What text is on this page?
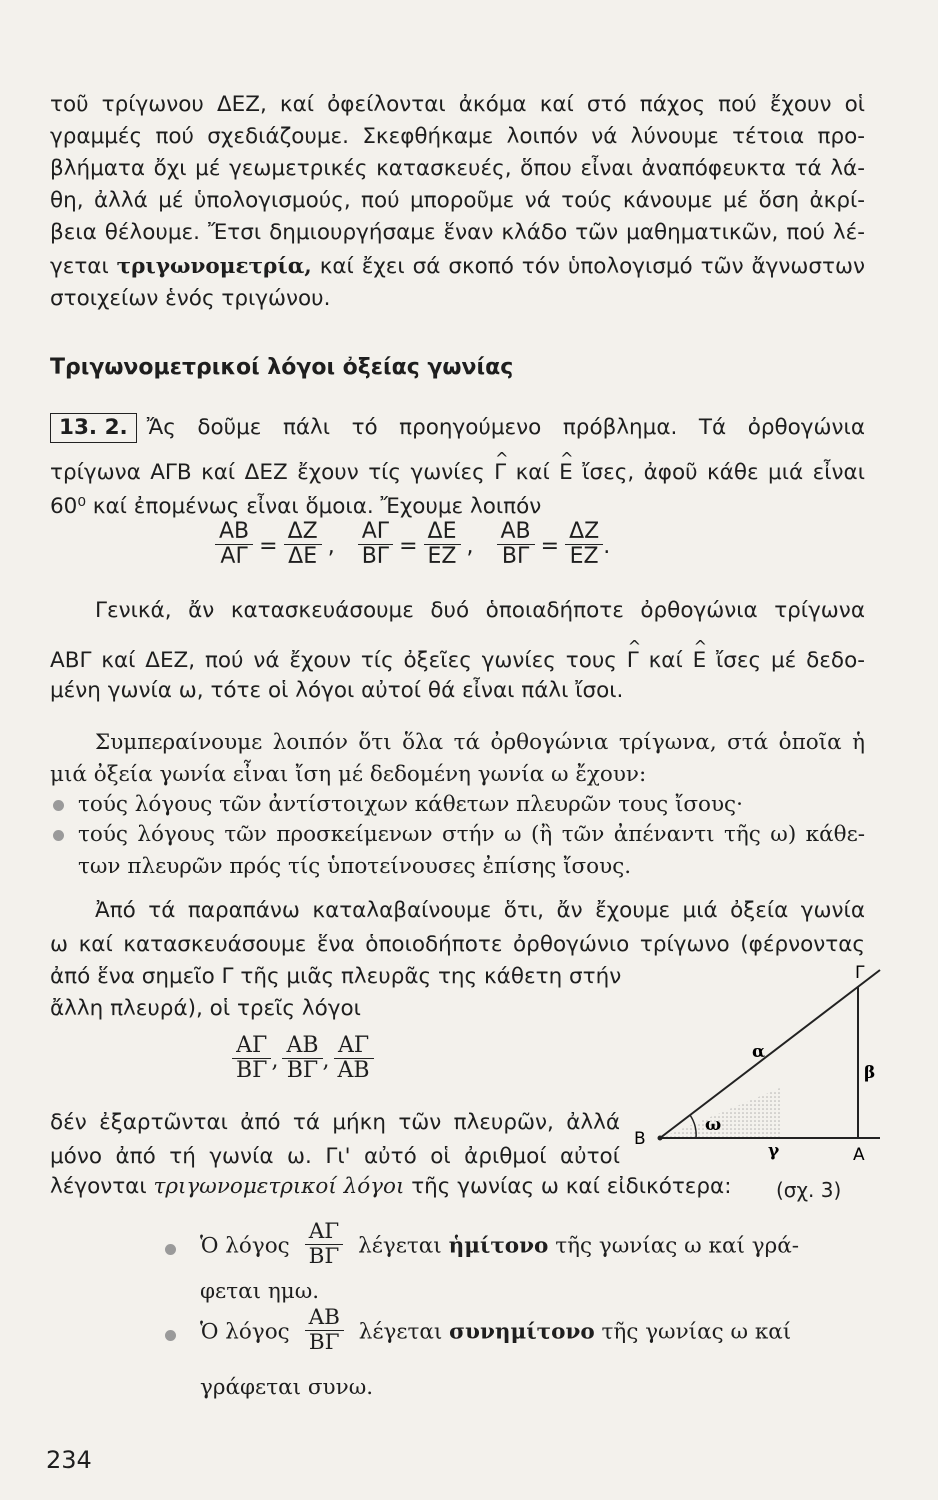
τοῦ τρίγωνου ΔΕΖ, καί ὀφείλονται ἀκόμα καί στό πάχος πού ἔχουν οἱ
γραμμές πού σχεδιάζουμε. Σκεφθήκαμε λοιπόν νά λύνουμε τέτοια προ-
βλήματα ὄχι μέ γεωμετρικές κατασκευές, ὅπου εἶναι ἀναπόφευκτα τά λά-
θη, ἀλλά μέ ὑπολογισμούς, πού μποροῦμε νά τούς κάνουμε μέ ὅση ἀκρί-
βεια θέλουμε. Ἔτσι δημιουργήσαμε ἕναν κλάδο τῶν μαθηματικῶν, πού λέ-
γεται τριγωνομετρία, καί ἔχει σά σκοπό τόν ὑπολογισμό τῶν ἄγνωστων
στοιχείων ἑνός τριγώνου.
Τριγωνομετρικοί λόγοι ὀξείας γωνίας
13. 2. Ἄς δοῦμε πάλι τό προηγούμενο πρόβλημα. Τά ὀρθογώνια
τρίγωνα ΑΓΒ καί ΔΕΖ ἔχουν τίς γωνίες ^ Γ καί ^ Ε ἴσες, ἀφοῦ κάθε μιά εἶναι
60⁰ καί ἐπομένως εἶναι ὅμοια. Ἔχουμε λοιπόν
$\frac{AB}{A\Gamma} = \frac{\Delta Z}{\Delta E}$ , $\frac{A\Gamma}{B\Gamma} = \frac{\Delta E}{EZ}$ , $\frac{AB}{B\Gamma} = \frac{\Delta Z}{EZ}$ .
Γενικά, ἄν κατασκευάσουμε δυό ὁποιαδήποτε ὀρθογώνια τρίγωνα
ΑΒΓ καί ΔΕΖ, πού νά ἔχουν τίς ὀξεῖες γωνίες τους ^ Γ καί ^ Ε ἴσες μέ δεδο-
μένη γωνία ω, τότε οἱ λόγοι αὐτοί θά εἶναι πάλι ἴσοι.
Συμπεραίνουμε λοιπόν ὅτι ὅλα τά ὀρθογώνια τρίγωνα, στά ὁποῖα ἡ
μιά ὀξεία γωνία εἶναι ἴση μέ δεδομένη γωνία ω ἔχουν:
τούς λόγους τῶν ἀντίστοιχων κάθετων πλευρῶν τους ἴσους·
τούς λόγους τῶν προσκείμενων στήν ω (ἢ τῶν ἀπέναντι τῆς ω) κάθε-
των πλευρῶν πρός τίς ὑποτείνουσες ἐπίσης ἴσους.
Ἀπό τά παραπάνω καταλαβαίνουμε ὅτι, ἄν ἔχουμε μιά ὀξεία γωνία
ω καί κατασκευάσουμε ἕνα ὁποιοδήποτε ὀρθογώνιο τρίγωνο (φέρνοντας
ἀπό ἕνα σημεῖο Γ τῆς μιᾶς πλευρᾶς της κάθετη στήν
ἄλλη πλευρά), οἱ τρεῖς λόγοι
$\frac{A\Gamma}{B\Gamma}$ , $\frac{AB}{B\Gamma}$ , $\frac{A\Gamma}{AB}$
δέν ἐξαρτῶνται ἀπό τά μήκη τῶν πλευρῶν, ἀλλά
μόνο ἀπό τή γωνία ω. Γι' αὐτό οἱ ἀριθμοί αὐτοί
λέγονται τριγωνομετρικοί λόγοι τῆς γωνίας ω καί εἰδικότερα:
Β
Α
Γ
α
β
γ
ω
(σχ. 3)
Ὁ λόγος $\frac{A\Gamma}{B\Gamma}$ λέγεται ἡμίτονο τῆς γωνίας ω καί γρά-
φεται ημω.
Ὁ λόγος $\frac{AB}{B\Gamma}$ λέγεται συνημίτονο τῆς γωνίας ω καί
γράφεται συνω.
234
